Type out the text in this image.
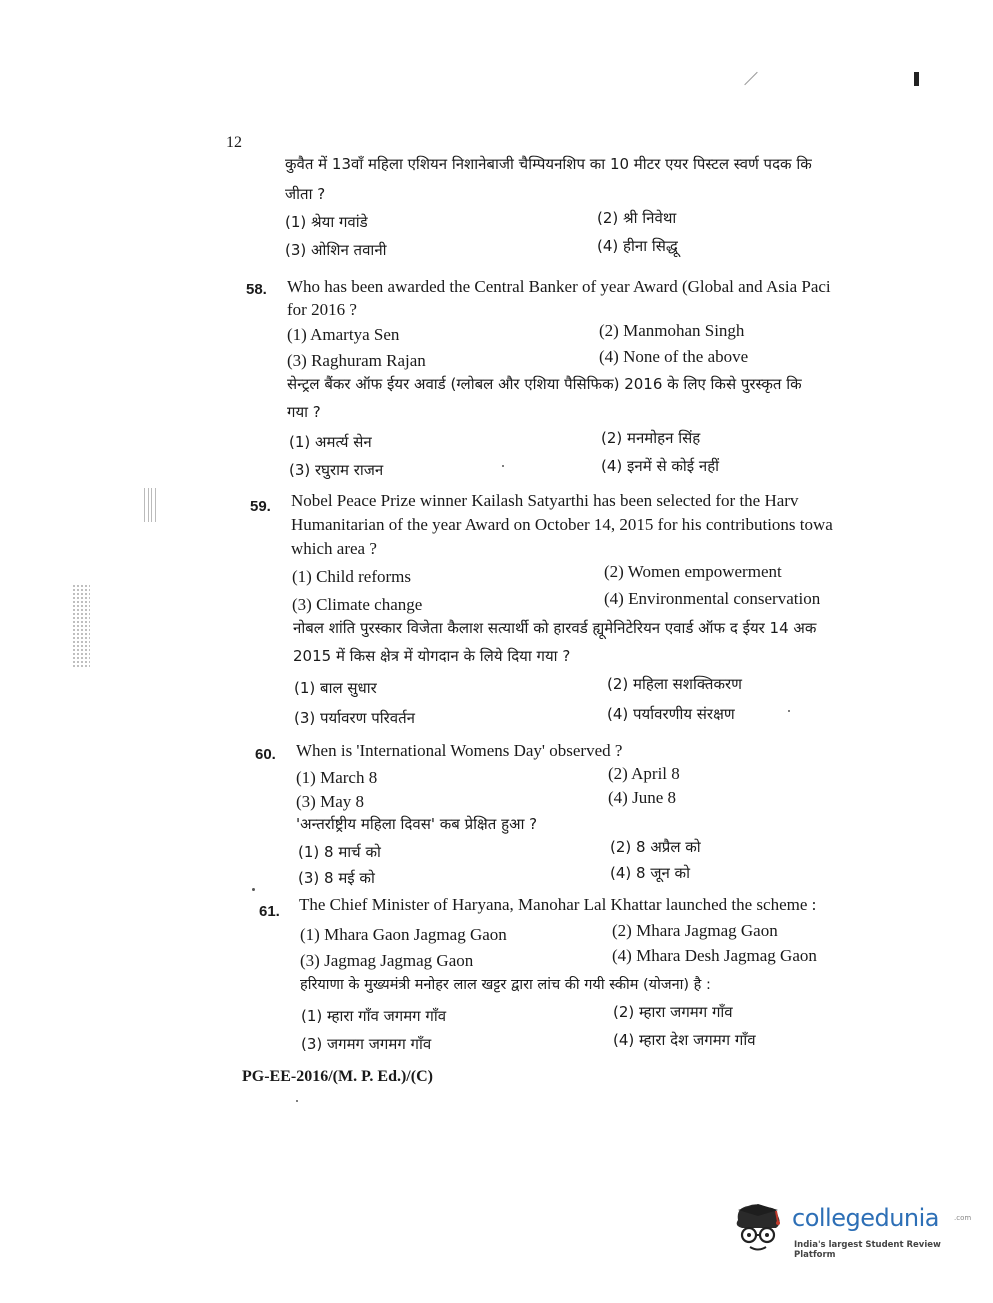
12
कुवैत में 13वाँ महिला एशियन निशानेबाजी चैम्पियनशिप का 10 मीटर एयर पिस्टल स्वर्ण पदक कि
जीता ?
(1) श्रेया गवांडे	(2) श्री निवेथा
(3) ओशिन तवानी	(4) हीना सिद्धू
58. Who has been awarded the Central Banker of year Award (Global and Asia Paci
for 2016 ?
(1) Amartya Sen	(2) Manmohan Singh
(3) Raghuram Rajan	(4) None of the above
सेन्ट्रल बैंकर ऑफ ईयर अवार्ड (ग्लोबल और एशिया पैसिफिक) 2016 के लिए किसे पुरस्कृत कि
गया ?
(1) अमर्त्य सेन	(2) मनमोहन सिंह
(3) रघुराम राजन	(4) इनमें से कोई नहीं
59. Nobel Peace Prize winner Kailash Satyarthi has been selected for the Harv
Humanitarian of the year Award on October 14, 2015 for his contributions towa
which area ?
(1) Child reforms	(2) Women empowerment
(3) Climate change	(4) Environmental conservation
नोबल शांति पुरस्कार विजेता कैलाश सत्यार्थी को हारवर्ड ह्यूमेनिटेरियन एवार्ड ऑफ द ईयर 14 अक
2015 में किस क्षेत्र में योगदान के लिये दिया गया ?
(1) बाल सुधार	(2) महिला सशक्तिकरण
(3) पर्यावरण परिवर्तन	(4) पर्यावरणीय संरक्षण
60. When is 'International Womens Day' observed ?
(1) March 8	(2) April 8
(3) May 8	(4) June 8
'अन्तर्राष्ट्रीय महिला दिवस' कब प्रेक्षित हुआ ?
(1) 8 मार्च को	(2) 8 अप्रैल को
(3) 8 मई को	(4) 8 जून को
61. The Chief Minister of Haryana, Manohar Lal Khattar launched the scheme :
(1) Mhara Gaon Jagmag Gaon	(2) Mhara Jagmag Gaon
(3) Jagmag Jagmag Gaon	(4) Mhara Desh Jagmag Gaon
हरियाणा के मुख्यमंत्री मनोहर लाल खट्टर द्वारा लांच की गयी स्कीम (योजना) है :
(1) म्हारा गाँव जगमग गाँव	(2) म्हारा जगमग गाँव
(3) जगमग जगमग गाँव	(4) म्हारा देश जगमग गाँव
PG-EE-2016/(M. P. Ed.)/(C)
collegedunia .com
India's largest Student Review Platform
